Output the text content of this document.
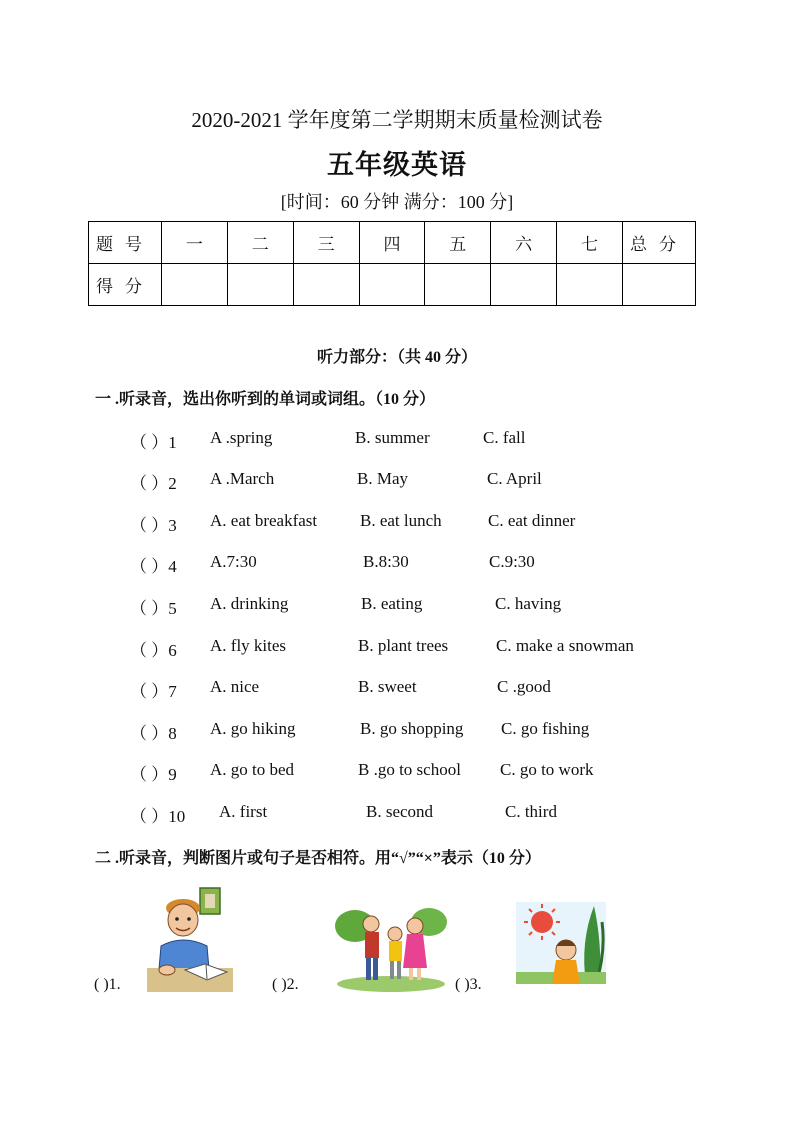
2020-2021 学年度第二学期期末质量检测试卷
五年级英语
[时间：60 分钟 满分：100 分]
题号	一	二	三	四	五	六	七	总分
得分								
听力部分：（共 40 分）
一 .听录音，选出你听到的单词或词组。（10 分）
（ ）1 A .spring	B. summer	C. fall
（ ）2 A .March	B. May	C. April
（ ）3 A. eat breakfast	B. eat lunch	C. eat dinner
（ ）4 A.7:30	B.8:30	C.9:30
（ ）5 A. drinking	B. eating	C. having
（ ）6 A. fly kites	B. plant trees	C. make a snowman
（ ）7 A. nice	B. sweet	C .good
（ ）8 A. go hiking	B. go shopping C. go fishing
（ ）9 A. go to bed	B .go to school C. go to work
（ ）10 A. first	B. second	C. third
二 .听录音，判断图片或句子是否相符。用“√”“×”表示（10 分）
( )1.	( )2.	( )3.
